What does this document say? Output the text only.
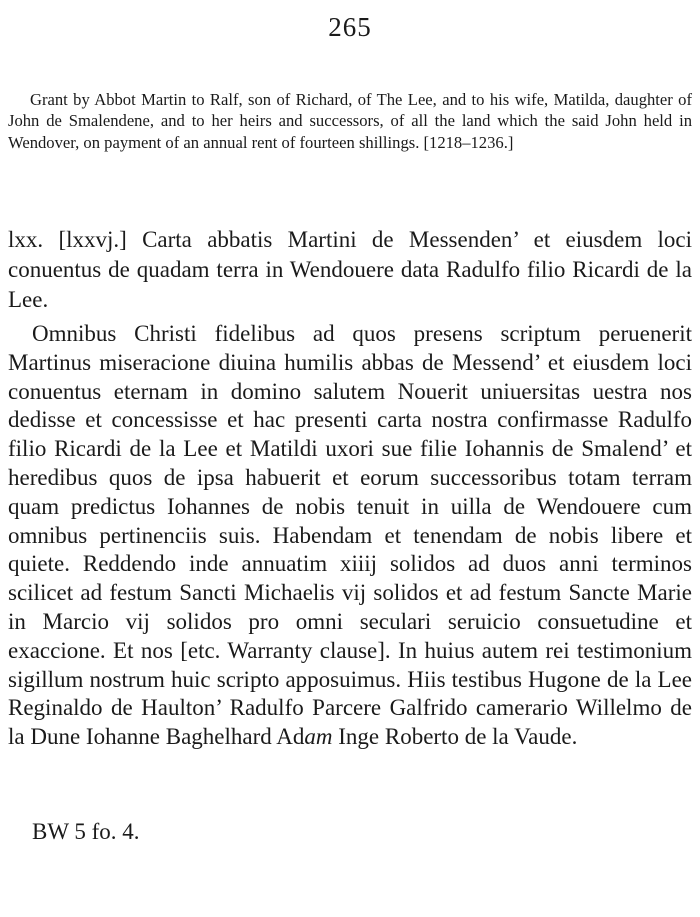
265

Grant by Abbot Martin to Ralf, son of Richard, of The Lee, and to his wife, Matilda, daughter of John de Smalendene, and to her heirs and successors, of all the land which the said John held in Wendover, on payment of an annual rent of fourteen shillings. [1218–1236.]

lxx. [lxxvj.] Carta abbatis Martini de Messenden’ et eiusdem loci conuentus de quadam terra in Wendouere data Radulfo filio Ricardi de la Lee.

Omnibus Christi fidelibus ad quos presens scriptum peruenerit Martinus miseracione diuina humilis abbas de Messend’ et eiusdem loci conuentus eternam in domino salutem Nouerit uniuersitas uestra nos dedisse et concessisse et hac presenti carta nostra confirmasse Radulfo filio Ricardi de la Lee et Matildi uxori sue filie Iohannis de Smalend’ et heredibus quos de ipsa habuerit et eorum successoribus totam terram quam predictus Iohannes de nobis tenuit in uilla de Wendouere cum omnibus pertinenciis suis. Habendam et tenendam de nobis libere et quiete. Reddendo inde annuatim xiiij solidos ad duos anni terminos scilicet ad festum Sancti Michaelis vij solidos et ad festum Sancte Marie in Marcio vij solidos pro omni seculari seruicio consuetudine et exaccione. Et nos [etc. Warranty clause]. In huius autem rei testimonium sigillum nostrum huic scripto apposuimus. Hiis testibus Hugone de la Lee Reginaldo de Haulton’ Radulfo Parcere Galfrido camerario Willelmo de la Dune Iohanne Baghelhard Adam Inge Roberto de la Vaude.

BW 5 fo. 4.
